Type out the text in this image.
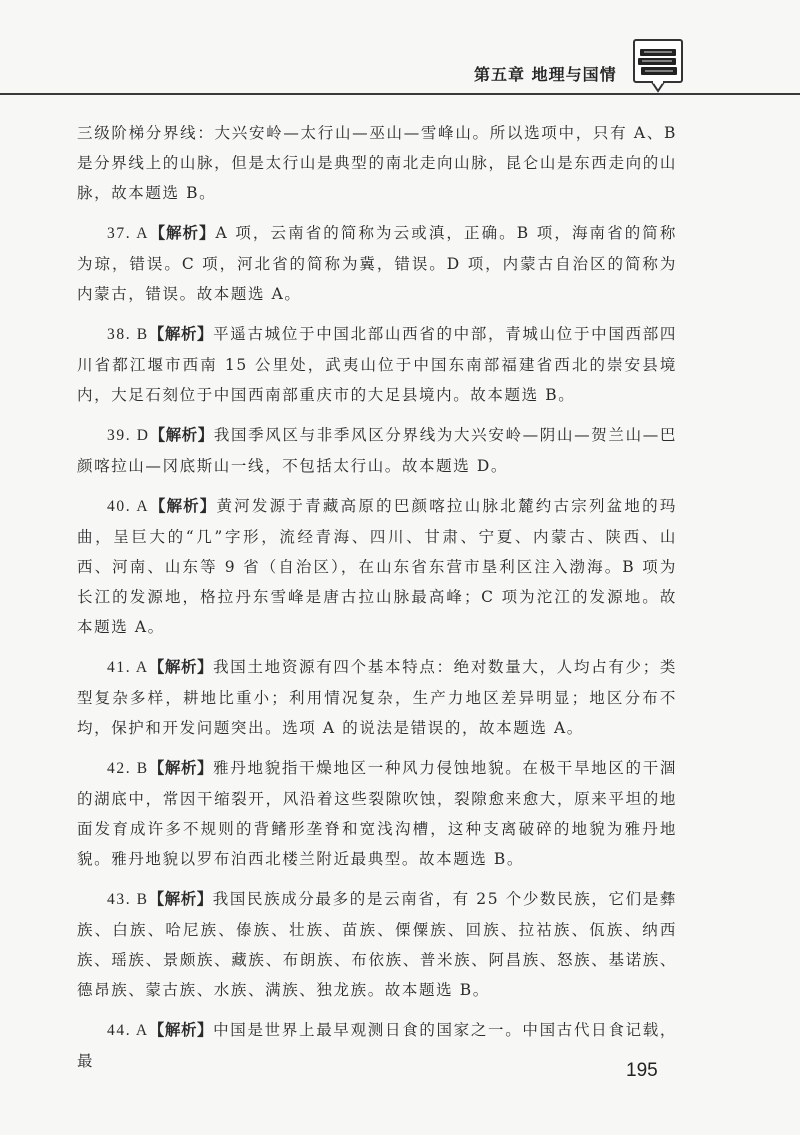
第五章 地理与国情

三级阶梯分界线：大兴安岭—太行山—巫山—雪峰山。所以选项中，只有 A、B 是分界线上的山脉，但是太行山是典型的南北走向山脉，昆仑山是东西走向的山脉，故本题选 B。

37. A【解析】A 项，云南省的简称为云或滇，正确。B 项，海南省的简称为琼，错误。C 项，河北省的简称为冀，错误。D 项，内蒙古自治区的简称为内蒙古，错误。故本题选 A。

38. B【解析】平遥古城位于中国北部山西省的中部，青城山位于中国西部四川省都江堰市西南 15 公里处，武夷山位于中国东南部福建省西北的崇安县境内，大足石刻位于中国西南部重庆市的大足县境内。故本题选 B。

39. D【解析】我国季风区与非季风区分界线为大兴安岭—阴山—贺兰山—巴颜喀拉山—冈底斯山一线，不包括太行山。故本题选 D。

40. A【解析】黄河发源于青藏高原的巴颜喀拉山脉北麓约古宗列盆地的玛曲，呈巨大的“几”字形，流经青海、四川、甘肃、宁夏、内蒙古、陕西、山西、河南、山东等 9 省（自治区），在山东省东营市垦利区注入渤海。B 项为长江的发源地，格拉丹东雪峰是唐古拉山脉最高峰；C 项为沱江的发源地。故本题选 A。

41. A【解析】我国土地资源有四个基本特点：绝对数量大，人均占有少；类型复杂多样，耕地比重小；利用情况复杂，生产力地区差异明显；地区分布不均，保护和开发问题突出。选项 A 的说法是错误的，故本题选 A。

42. B【解析】雅丹地貌指干燥地区一种风力侵蚀地貌。在极干旱地区的干涸的湖底中，常因干缩裂开，风沿着这些裂隙吹蚀，裂隙愈来愈大，原来平坦的地面发育成许多不规则的背鳍形垄脊和宽浅沟槽，这种支离破碎的地貌为雅丹地貌。雅丹地貌以罗布泊西北楼兰附近最典型。故本题选 B。

43. B【解析】我国民族成分最多的是云南省，有 25 个少数民族，它们是彝族、白族、哈尼族、傣族、壮族、苗族、傈僳族、回族、拉祜族、佤族、纳西族、瑶族、景颇族、藏族、布朗族、布依族、普米族、阿昌族、怒族、基诺族、德昂族、蒙古族、水族、满族、独龙族。故本题选 B。

44. A【解析】中国是世界上最早观测日食的国家之一。中国古代日食记载，最	195
